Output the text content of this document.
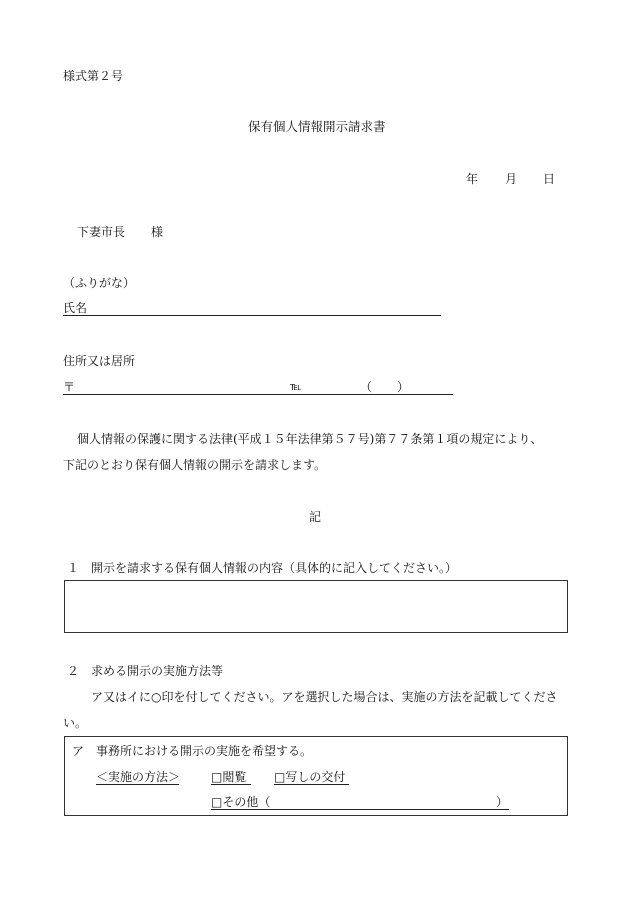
様式第２号
保有個人情報開示請求書
年 月 日
下妻市長 様
（ふりがな）
氏名
住所又は居所
〒	℡	（ ）
個人情報の保護に関する法律(平成１５年法律第５７号)第７７条第１項の規定により、
下記のとおり保有個人情報の開示を請求します。
記
１　開示を請求する保有個人情報の内容（具体的に記入してください。）
２　求める開示の実施方法等
ア又はイに○印を付してください。アを選択した場合は、実施の方法を記載してくださ
い。
ア　事務所における開示の実施を希望する。
＜実施の方法＞	□閲覧 □写しの交付
□その他（	）
